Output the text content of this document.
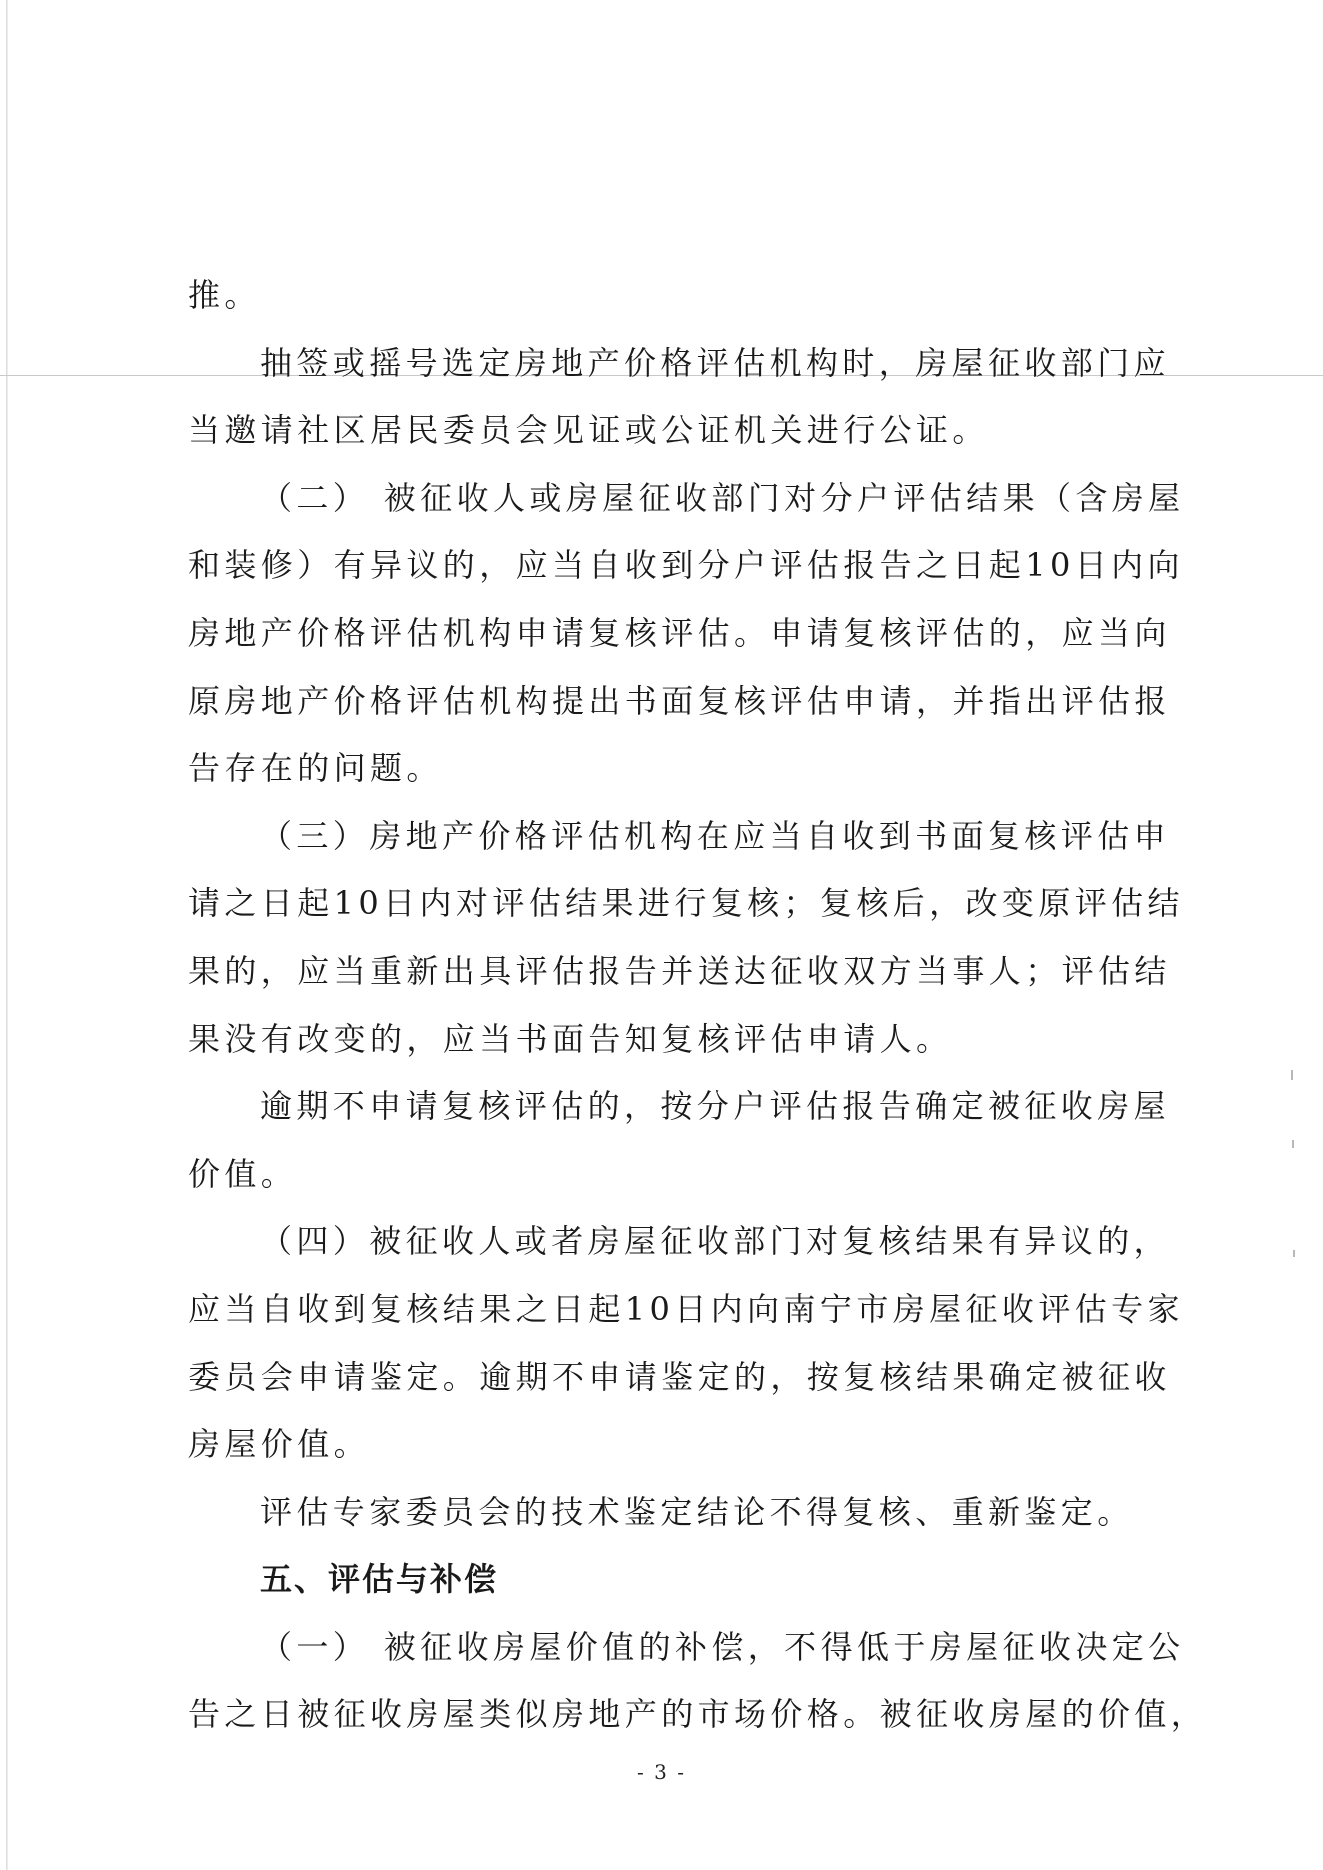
推。
抽签或摇号选定房地产价格评估机构时，房屋征收部门应
当邀请社区居民委员会见证或公证机关进行公证。
（二） 被征收人或房屋征收部门对分户评估结果（含房屋
和装修）有异议的，应当自收到分户评估报告之日起10日内向
房地产价格评估机构申请复核评估。申请复核评估的，应当向
原房地产价格评估机构提出书面复核评估申请，并指出评估报
告存在的问题。
（三）房地产价格评估机构在应当自收到书面复核评估申
请之日起10日内对评估结果进行复核；复核后，改变原评估结
果的，应当重新出具评估报告并送达征收双方当事人；评估结
果没有改变的，应当书面告知复核评估申请人。
逾期不申请复核评估的，按分户评估报告确定被征收房屋
价值。
（四）被征收人或者房屋征收部门对复核结果有异议的，
应当自收到复核结果之日起10日内向南宁市房屋征收评估专家
委员会申请鉴定。逾期不申请鉴定的，按复核结果确定被征收
房屋价值。
评估专家委员会的技术鉴定结论不得复核、重新鉴定。
五、评估与补偿
（一） 被征收房屋价值的补偿，不得低于房屋征收决定公
告之日被征收房屋类似房地产的市场价格。被征收房屋的价值，
- 3 -
